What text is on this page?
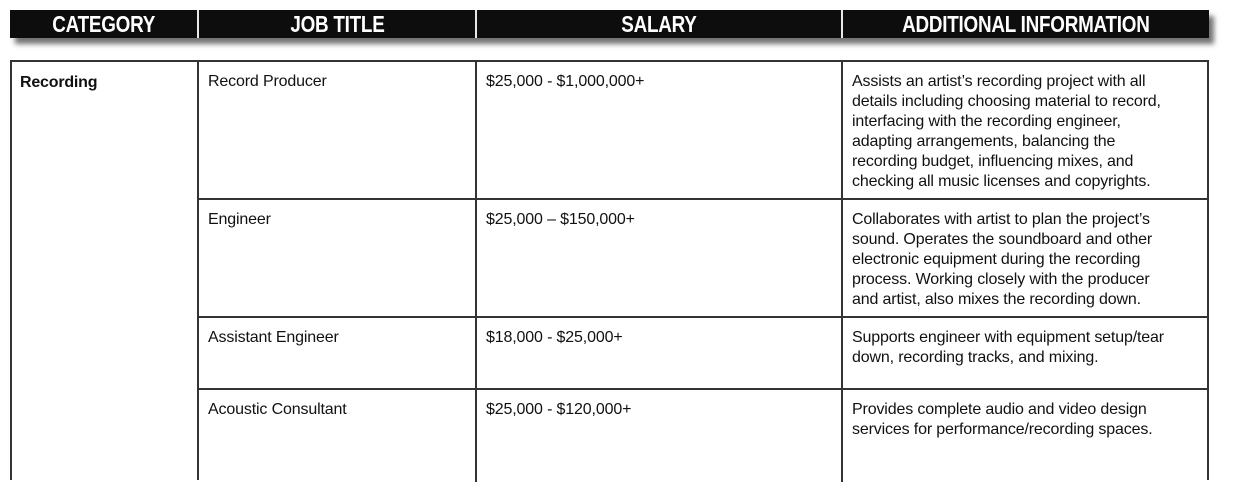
CATEGORY	JOB TITLE	SALARY	ADDITIONAL INFORMATION
Recording	Record Producer	$25,000 - $1,000,000+	Assists an artist’s recording project with all
details including choosing material to record,
interfacing with the recording engineer,
adapting arrangements, balancing the
recording budget, influencing mixes, and
checking all music licenses and copyrights.
Engineer	$25,000 – $150,000+	Collaborates with artist to plan the project’s
sound. Operates the soundboard and other
electronic equipment during the recording
process. Working closely with the producer
and artist, also mixes the recording down.
Assistant Engineer	$18,000 - $25,000+	Supports engineer with equipment setup/tear
down, recording tracks, and mixing.
Acoustic Consultant	$25,000 - $120,000+	Provides complete audio and video design
services for performance/recording spaces.
